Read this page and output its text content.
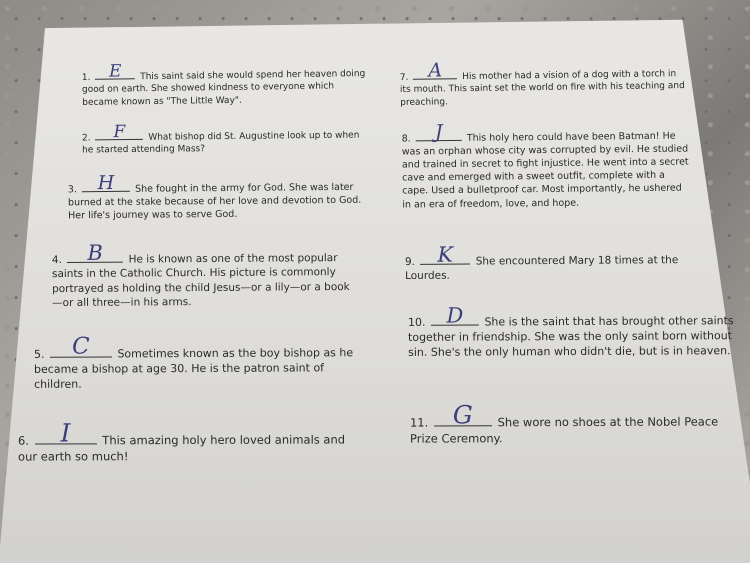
1.	E	This saint said she would spend her heaven doing good on earth. She showed kindness to everyone which became known as "The Little Way".
2.	F	What bishop did St. Augustine look up to when he started attending Mass?
3.	H	She fought in the army for God. She was later burned at the stake because of her love and devotion to God. Her life's journey was to serve God.
4.	B	He is known as one of the most popular saints in the Catholic Church. His picture is commonly portrayed as holding the child Jesus—or a lily—or a book—or all three—in his arms.
5.	C	Sometimes known as the boy bishop as he became a bishop at age 30. He is the patron saint of children.
6.	I	This amazing holy hero loved animals and our earth so much!
7.	A	His mother had a vision of a dog with a torch in its mouth. This saint set the world on fire with his teaching and preaching.
8.	J	This holy hero could have been Batman! He was an orphan whose city was corrupted by evil. He studied and trained in secret to fight injustice. He went into a secret cave and emerged with a sweet outfit, complete with a cape. Used a bulletproof car. Most importantly, he ushered in an era of freedom, love, and hope.
9.	K	She encountered Mary 18 times at the Lourdes.
10. D	She is the saint that has brought other saints together in friendship. She was the only saint born without sin. She's the only human who didn't die, but is in heaven.
11. G	She wore no shoes at the Nobel Peace Prize Ceremony.
